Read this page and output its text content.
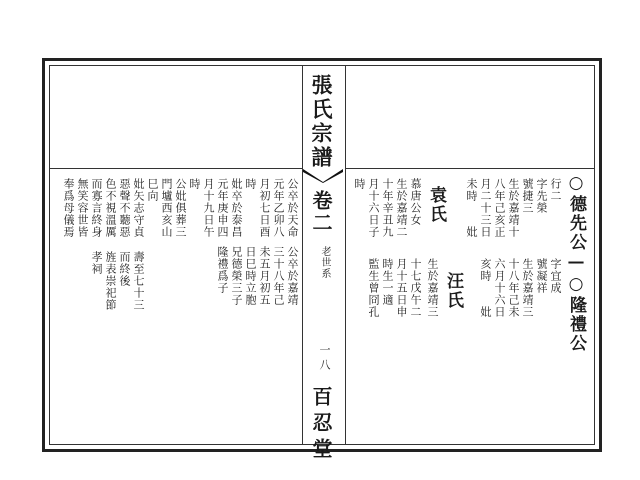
張氏宗譜
卷二
老世系
一八
百忍堂
○德先公—○隆禮公
行二
字先榮
號捷三
生於嘉靖十
八年己亥正
月二十三日
未時　　妣
字宜成
號凝祥
生於嘉靖三
十八年己未
六月十六日
亥時　　妣
袁氏
慕唐公女
生於嘉靖二
十年辛丑九
月十六日子
時
汪氏
生於嘉靖三
十七戊午二
月十五日申
時生一適
監生曾冏孔
公卒於天命
元年乙卯八
月初七日酉
時
妣卒於泰昌
元年庚申四
月十九日午
時
公妣俱葬三
門壚西亥山
巳向
公卒於嘉靖
三十八年己
未五月初五
日巳時立胞
兄德榮三子
隆禮爲子
妣矢志守貞
惡聲不聽惡
色不視溫厲
而寡言終身
無笑容世皆
奉爲母儀焉
壽至七十三
而終後
旌表崇祀節
孝祠
